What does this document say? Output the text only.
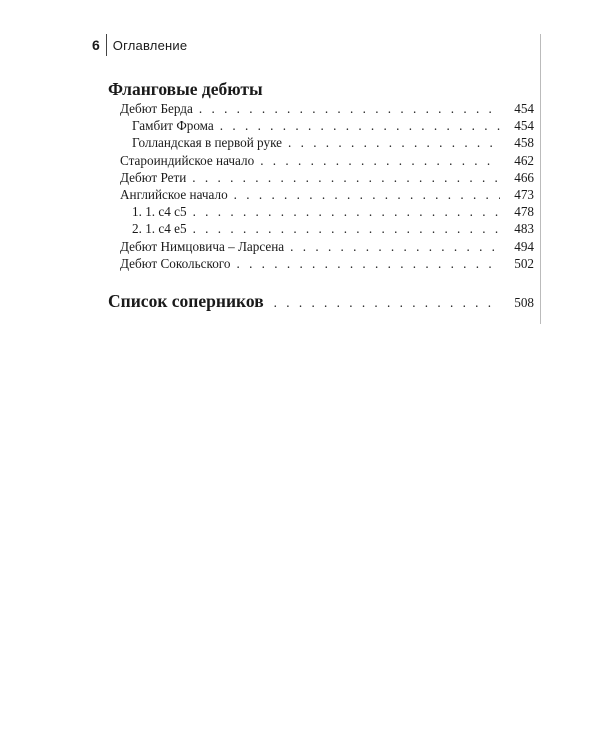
6 Оглавление
Фланговые дебюты
Дебют Берда . . .	454
Гамбит Фрома . . .	454
Голландская в первой руке . . .	458
Староиндийское начало . . .	462
Дебют Рети . . .	466
Английское начало . . .	473
1. 1. c4 c5 . . .	478
2. 1. c4 e5 . . .	483
Дебют Нимцовича – Ларсена . . .	494
Дебют Сокольского . . .	502
Список соперников . . .	508
